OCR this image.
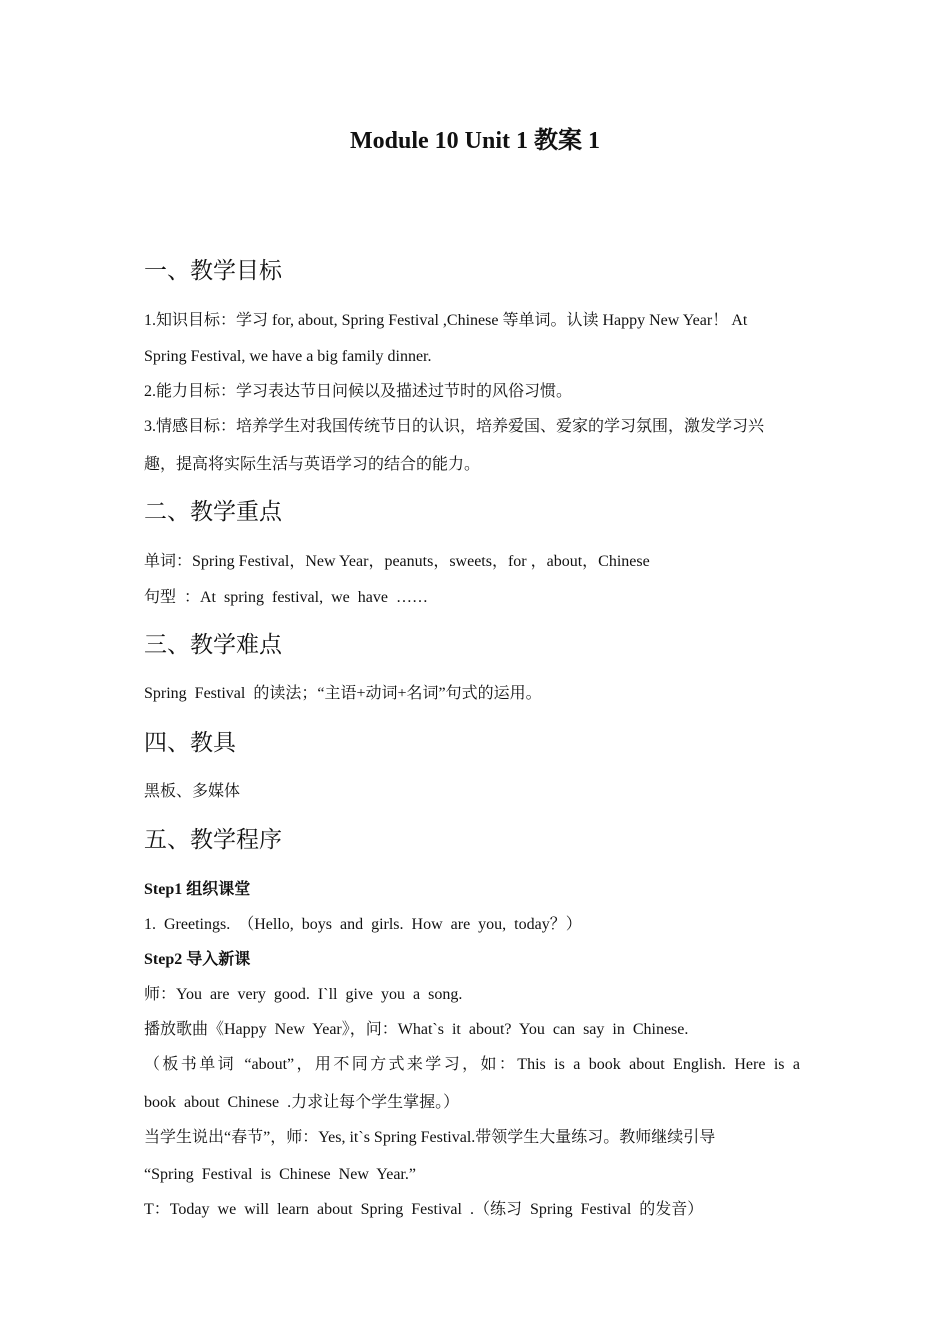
Module 10 Unit 1 教案 1
一、教学目标
1.知识目标：学习 for, about, Spring Festival ,Chinese 等单词。认读 Happy New Year！ At
Spring Festival, we have a big family dinner.
2.能力目标：学习表达节日问候以及描述过节时的风俗习惯。
3.情感目标：培养学生对我国传统节日的认识，培养爱国、爱家的学习氛围，激发学习兴
趣，提高将实际生活与英语学习的结合的能力。
二、教学重点
单词：Spring Festival，New Year，peanuts，sweets，for ，about，Chinese
句型 ：At spring festival, we have ……
三、教学难点
Spring Festival 的读法；“主语+动词+名词”句式的运用。
四、教具
黑板、多媒体
五、教学程序
Step1 组织课堂
1. Greetings. （Hello, boys and girls. How are you, today？）
Step2 导入新课
师：You are very good. I`ll give you a song.
播放歌曲《Happy New Year》，问：What`s it about? You can say in Chinese.
（板书单词 “about”，用不同方式来学习，如：This is a book about English. Here is a
book about Chinese .力求让每个学生掌握。）
当学生说出“春节”，师：Yes, it`s Spring Festival.带领学生大量练习。教师继续引导
“Spring Festival is Chinese New Year.”
T：Today we will learn about Spring Festival .（练习 Spring Festival 的发音）
